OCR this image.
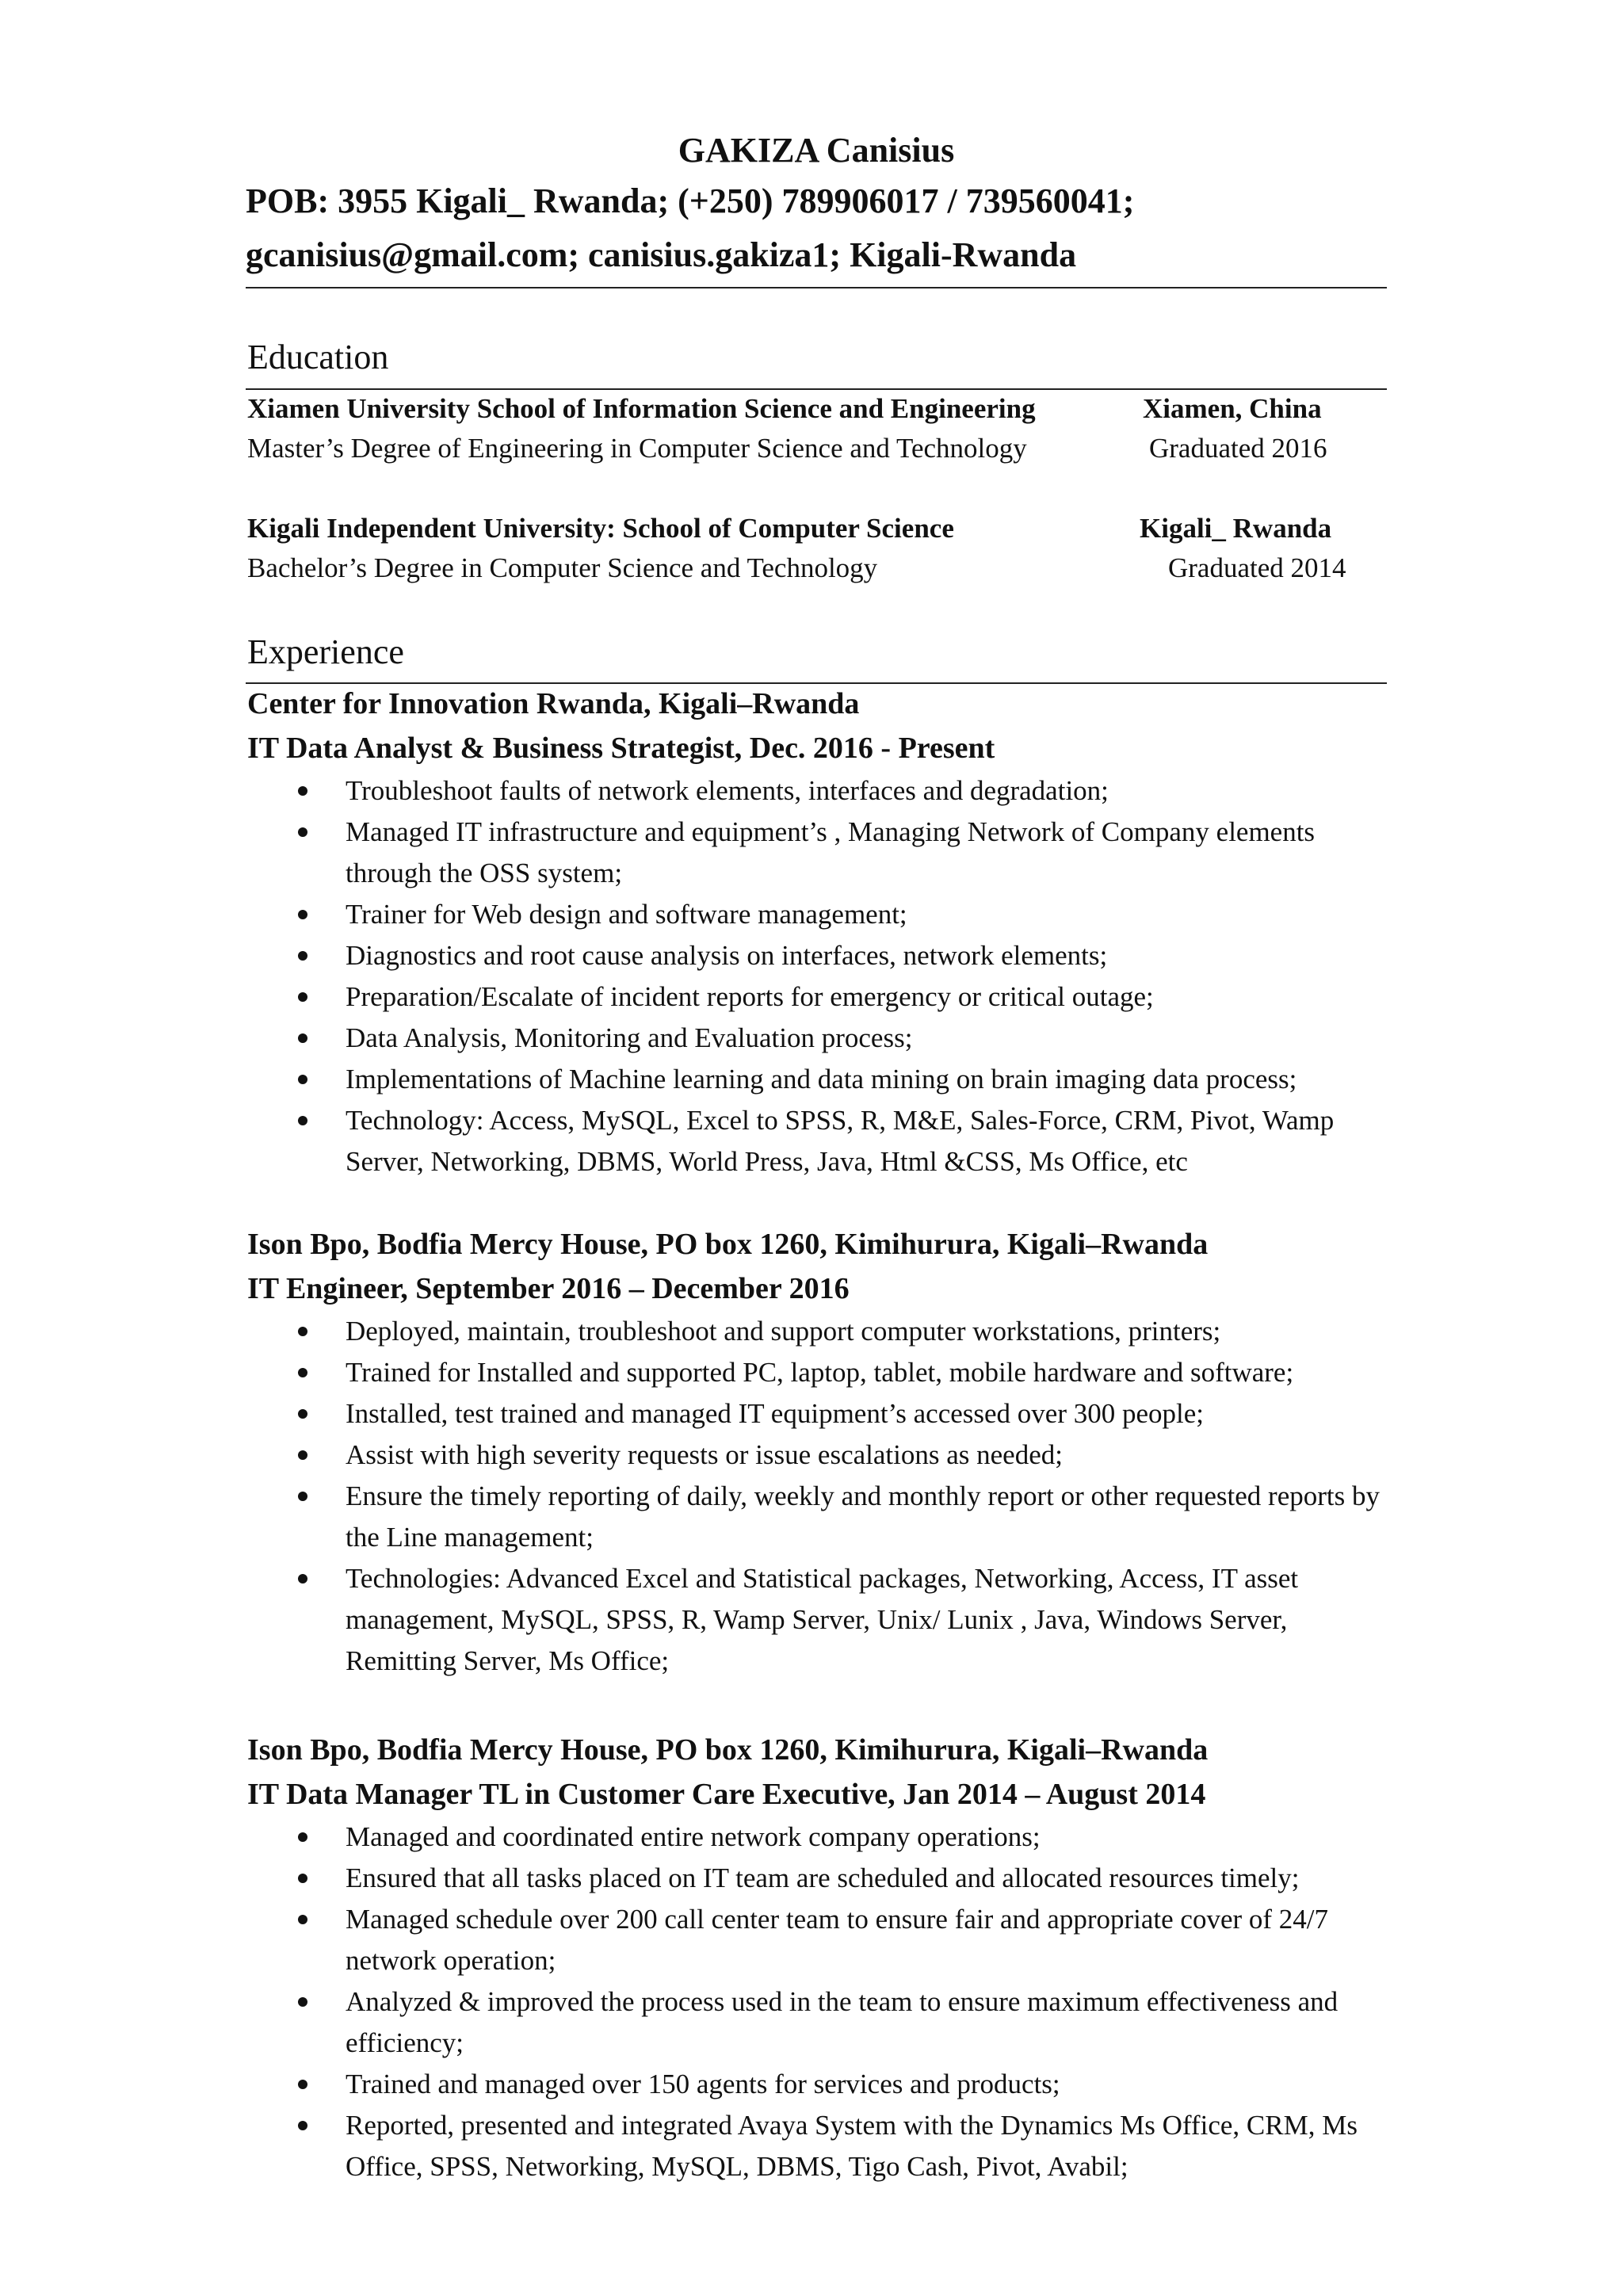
GAKIZA Canisius
POB: 3955 Kigali_ Rwanda; (+250) 789906017 / 739560041;
gcanisius@gmail.com; canisius.gakiza1; Kigali-Rwanda
Education
Xiamen University School of Information Science and Engineering	Xiamen, China
Master’s Degree of Engineering in Computer Science and Technology	Graduated 2016
Kigali Independent University: School of Computer Science	Kigali_ Rwanda
Bachelor’s Degree in Computer Science and Technology	Graduated 2014
Experience
Center for Innovation Rwanda, Kigali–Rwanda
IT Data Analyst & Business Strategist, Dec. 2016 - Present
Troubleshoot faults of network elements, interfaces and degradation;
Managed IT infrastructure and equipment’s , Managing Network of Company elements through the OSS system;
Trainer for Web design and software management;
Diagnostics and root cause analysis on interfaces, network elements;
Preparation/Escalate of incident reports for emergency or critical outage;
Data Analysis, Monitoring and Evaluation process;
Implementations of Machine learning and data mining on brain imaging data process;
Technology: Access, MySQL, Excel to SPSS, R, M&E, Sales-Force, CRM, Pivot, Wamp Server, Networking, DBMS, World Press, Java, Html &CSS, Ms Office, etc
Ison Bpo, Bodfia Mercy House, PO box 1260, Kimihurura, Kigali–Rwanda
IT Engineer, September 2016 – December 2016
Deployed, maintain, troubleshoot and support computer workstations, printers;
Trained for Installed and supported PC, laptop, tablet, mobile hardware and software;
Installed, test trained and managed IT equipment’s accessed over 300 people;
Assist with high severity requests or issue escalations as needed;
Ensure the timely reporting of daily, weekly and monthly report or other requested reports by the Line management;
Technologies: Advanced Excel and Statistical packages, Networking, Access, IT asset management, MySQL, SPSS, R, Wamp Server, Unix/ Lunix , Java, Windows Server, Remitting Server, Ms Office;
Ison Bpo, Bodfia Mercy House, PO box 1260, Kimihurura, Kigali–Rwanda
IT Data Manager TL in Customer Care Executive, Jan 2014 – August 2014
Managed and coordinated entire network company operations;
Ensured that all tasks placed on IT team are scheduled and allocated resources timely;
Managed schedule over 200 call center team to ensure fair and appropriate cover of 24/7 network operation;
Analyzed & improved the process used in the team to ensure maximum effectiveness and efficiency;
Trained and managed over 150 agents for services and products;
Reported, presented and integrated Avaya System with the Dynamics Ms Office, CRM, Ms Office, SPSS, Networking, MySQL, DBMS, Tigo Cash, Pivot, Avabil;
